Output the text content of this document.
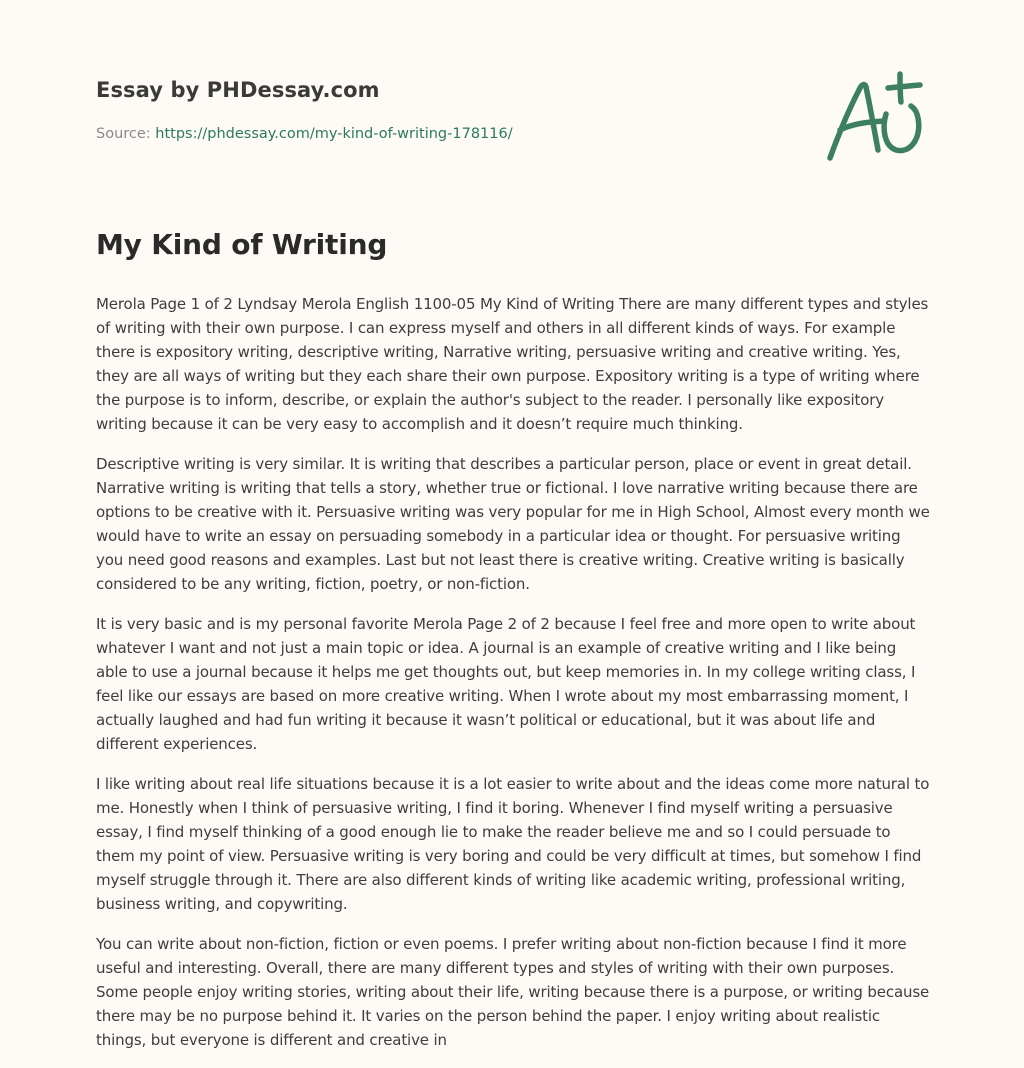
Essay by PHDessay.com
Source: https://phdessay.com/my-kind-of-writing-178116/
My Kind of Writing

Merola Page 1 of 2 Lyndsay Merola English 1100-05 My Kind of Writing There are many different types and styles of writing with their own purpose. I can express myself and others in all different kinds of ways. For example there is expository writing, descriptive writing, Narrative writing, persuasive writing and creative writing. Yes, they are all ways of writing but they each share their own purpose. Expository writing is a type of writing where the purpose is to inform, describe, or explain the author's subject to the reader. I personally like expository writing because it can be very easy to accomplish and it doesn’t require much thinking.

Descriptive writing is very similar. It is writing that describes a particular person, place or event in great detail. Narrative writing is writing that tells a story, whether true or fictional. I love narrative writing because there are options to be creative with it. Persuasive writing was very popular for me in High School, Almost every month we would have to write an essay on persuading somebody in a particular idea or thought. For persuasive writing you need good reasons and examples. Last but not least there is creative writing. Creative writing is basically considered to be any writing, fiction, poetry, or non-fiction.

It is very basic and is my personal favorite Merola Page 2 of 2 because I feel free and more open to write about whatever I want and not just a main topic or idea. A journal is an example of creative writing and I like being able to use a journal because it helps me get thoughts out, but keep memories in. In my college writing class, I feel like our essays are based on more creative writing. When I wrote about my most embarrassing moment, I actually laughed and had fun writing it because it wasn’t political or educational, but it was about life and different experiences.

I like writing about real life situations because it is a lot easier to write about and the ideas come more natural to me. Honestly when I think of persuasive writing, I find it boring. Whenever I find myself writing a persuasive essay, I find myself thinking of a good enough lie to make the reader believe me and so I could persuade to them my point of view. Persuasive writing is very boring and could be very difficult at times, but somehow I find myself struggle through it. There are also different kinds of writing like academic writing, professional writing, business writing, and copywriting.

You can write about non-fiction, fiction or even poems. I prefer writing about non-fiction because I find it more useful and interesting. Overall, there are many different types and styles of writing with their own purposes. Some people enjoy writing stories, writing about their life, writing because there is a purpose, or writing because there may be no purpose behind it. It varies on the person behind the paper. I enjoy writing about realistic things, but everyone is different and creative in
